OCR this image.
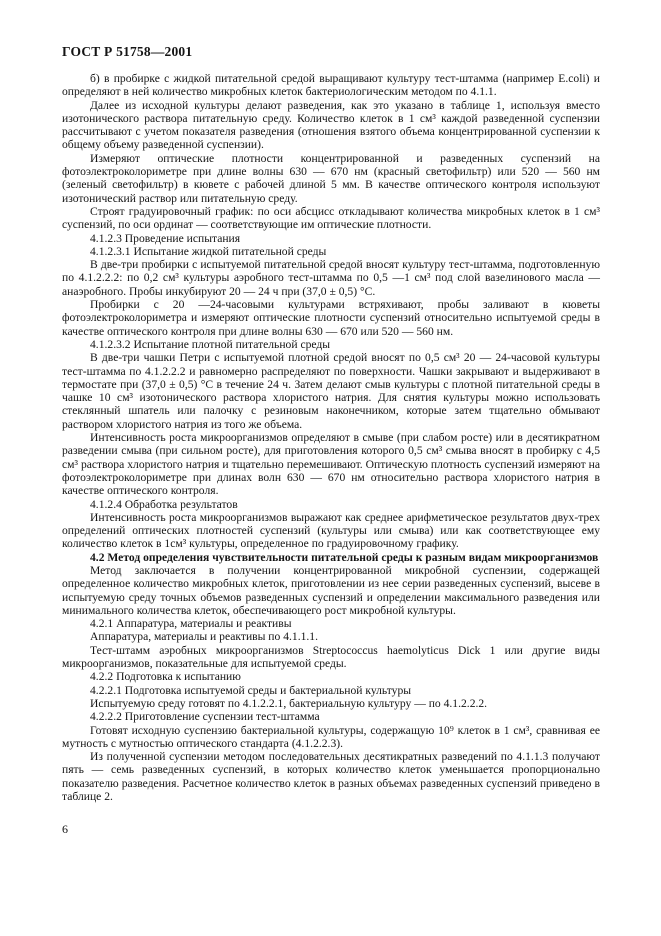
ГОСТ Р 51758—2001

б) в пробирке с жидкой питательной средой выращивают культуру тест-штамма (например E.coli) и определяют в ней количество микробных клеток бактериологическим методом по 4.1.1.

Далее из исходной культуры делают разведения, как это указано в таблице 1, используя вместо изотонического раствора питательную среду. Количество клеток в 1 см³ каждой разведенной суспензии рассчитывают с учетом показателя разведения (отношения взятого объема концентрированной суспензии к общему объему разведенной суспензии).

Измеряют оптические плотности концентрированной и разведенных суспензий на фотоэлектроколориметре при длине волны 630 — 670 нм (красный светофильтр) или 520 — 560 нм (зеленый светофильтр) в кювете с рабочей длиной 5 мм. В качестве оптического контроля используют изотонический раствор или питательную среду.

Строят градуировочный график: по оси абсцисс откладывают количества микробных клеток в 1 см³ суспензий, по оси ординат — соответствующие им оптические плотности.

4.1.2.3 Проведение испытания

4.1.2.3.1 Испытание жидкой питательной среды

В две-три пробирки с испытуемой питательной средой вносят культуру тест-штамма, подготовленную по 4.1.2.2.2: по 0,2 см³ культуры аэробного тест-штамма по 0,5 —1 см³ под слой вазелинового масла — анаэробного. Пробы инкубируют 20 — 24 ч при (37,0 ± 0,5) °С.

Пробирки с 20 —24-часовыми культурами встряхивают, пробы заливают в кюветы фотоэлектроколориметра и измеряют оптические плотности суспензий относительно испытуемой среды в качестве оптического контроля при длине волны 630 — 670 или 520 — 560 нм.

4.1.2.3.2 Испытание плотной питательной среды

В две-три чашки Петри с испытуемой плотной средой вносят по 0,5 см³ 20 — 24-часовой культуры тест-штамма по 4.1.2.2.2 и равномерно распределяют по поверхности. Чашки закрывают и выдерживают в термостате при (37,0 ± 0,5) °С в течение 24 ч. Затем делают смыв культуры с плотной питательной среды в чашке 10 см³ изотонического раствора хлористого натрия. Для снятия культуры можно использовать стеклянный шпатель или палочку с резиновым наконечником, которые затем тщательно обмывают раствором хлористого натрия из того же объема.

Интенсивность роста микроорганизмов определяют в смыве (при слабом росте) или в десятикратном разведении смыва (при сильном росте), для приготовления которого 0,5 см³ смыва вносят в пробирку с 4,5 см³ раствора хлористого натрия и тщательно перемешивают. Оптическую плотность суспензий измеряют на фотоэлектроколориметре при длинах волн 630 — 670 нм относительно раствора хлористого натрия в качестве оптического контроля.

4.1.2.4 Обработка результатов

Интенсивность роста микроорганизмов выражают как среднее арифметическое результатов двух-трех определений оптических плотностей суспензий (культуры или смыва) или как соответствующее ему количество клеток в 1см³ культуры, определенное по градуировочному графику.

4.2 Метод определения чувствительности питательной среды к разным видам микроорганизмов

Метод заключается в получении концентрированной микробной суспензии, содержащей определенное количество микробных клеток, приготовлении из нее серии разведенных суспензий, высеве в испытуемую среду точных объемов разведенных суспензий и определении максимального разведения или минимального количества клеток, обеспечивающего рост микробной культуры.

4.2.1 Аппаратура, материалы и реактивы

Аппаратура, материалы и реактивы по 4.1.1.1.

Тест-штамм аэробных микроорганизмов Streptococcus haemolyticus Dick 1 или другие виды микроорганизмов, показательные для испытуемой среды.

4.2.2 Подготовка к испытанию

4.2.2.1 Подготовка испытуемой среды и бактериальной культуры

Испытуемую среду готовят по 4.1.2.2.1, бактериальную культуру — по 4.1.2.2.2.

4.2.2.2 Приготовление суспензии тест-штамма

Готовят исходную суспензию бактериальной культуры, содержащую 10⁹ клеток в 1 см³, сравнивая ее мутность с мутностью оптического стандарта (4.1.2.2.3).

Из полученной суспензии методом последовательных десятикратных разведений по 4.1.1.3 получают пять — семь разведенных суспензий, в которых количество клеток уменьшается пропорционально показателю разведения. Расчетное количество клеток в разных объемах разведенных суспензий приведено в таблице 2.

6
